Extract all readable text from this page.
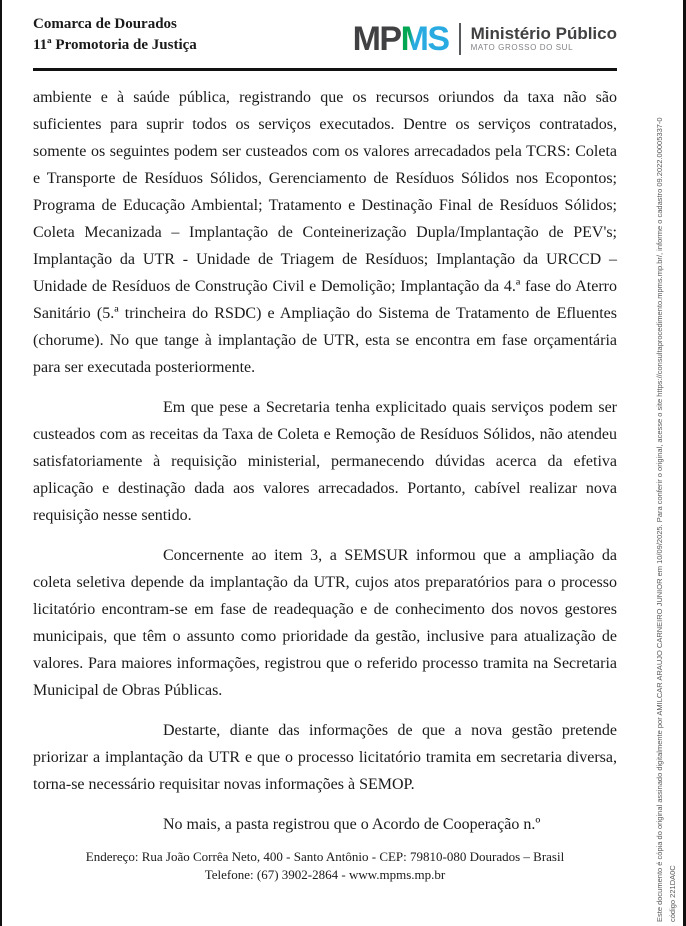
Comarca de Dourados
11ª Promotoria de Justiça	MPMS Ministério Público
MATO GROSSO DO SUL

ambiente e à saúde pública, registrando que os recursos oriundos da taxa não são suficientes para suprir todos os serviços executados. Dentre os serviços contratados, somente os seguintes podem ser custeados com os valores arrecadados pela TCRS: Coleta e Transporte de Resíduos Sólidos, Gerenciamento de Resíduos Sólidos nos Ecopontos; Programa de Educação Ambiental; Tratamento e Destinação Final de Resíduos Sólidos; Coleta Mecanizada – Implantação de Conteinerização Dupla/Implantação de PEV's; Implantação da UTR - Unidade de Triagem de Resíduos; Implantação da URCCD – Unidade de Resíduos de Construção Civil e Demolição; Implantação da 4.ª fase do Aterro Sanitário (5.ª trincheira do RSDC) e Ampliação do Sistema de Tratamento de Efluentes (chorume). No que tange à implantação de UTR, esta se encontra em fase orçamentária para ser executada posteriormente.

Em que pese a Secretaria tenha explicitado quais serviços podem ser custeados com as receitas da Taxa de Coleta e Remoção de Resíduos Sólidos, não atendeu satisfatoriamente à requisição ministerial, permanecendo dúvidas acerca da efetiva aplicação e destinação dada aos valores arrecadados. Portanto, cabível realizar nova requisição nesse sentido.

Concernente ao item 3, a SEMSUR informou que a ampliação da coleta seletiva depende da implantação da UTR, cujos atos preparatórios para o processo licitatório encontram-se em fase de readequação e de conhecimento dos novos gestores municipais, que têm o assunto como prioridade da gestão, inclusive para atualização de valores. Para maiores informações, registrou que o referido processo tramita na Secretaria Municipal de Obras Públicas.

Destarte, diante das informações de que a nova gestão pretende priorizar a implantação da UTR e que o processo licitatório tramita em secretaria diversa, torna-se necessário requisitar novas informações à SEMOP.

No mais, a pasta registrou que o Acordo de Cooperação n.º

Endereço: Rua João Corrêa Neto, 400 - Santo Antônio - CEP: 79810-080 Dourados – Brasil
Telefone: (67) 3902-2864 - www.mpms.mp.br	Este documento é cópia do original assinado digitalmente por AMILCAR ARAUJO CARNEIRO JUNIOR em 10/09/2025. Para conferir o original, acesse o site https://consultaprocedimento.mpms.mp.br/, informe o cadastro 09.2022.00005337-0 código 221DA0C
